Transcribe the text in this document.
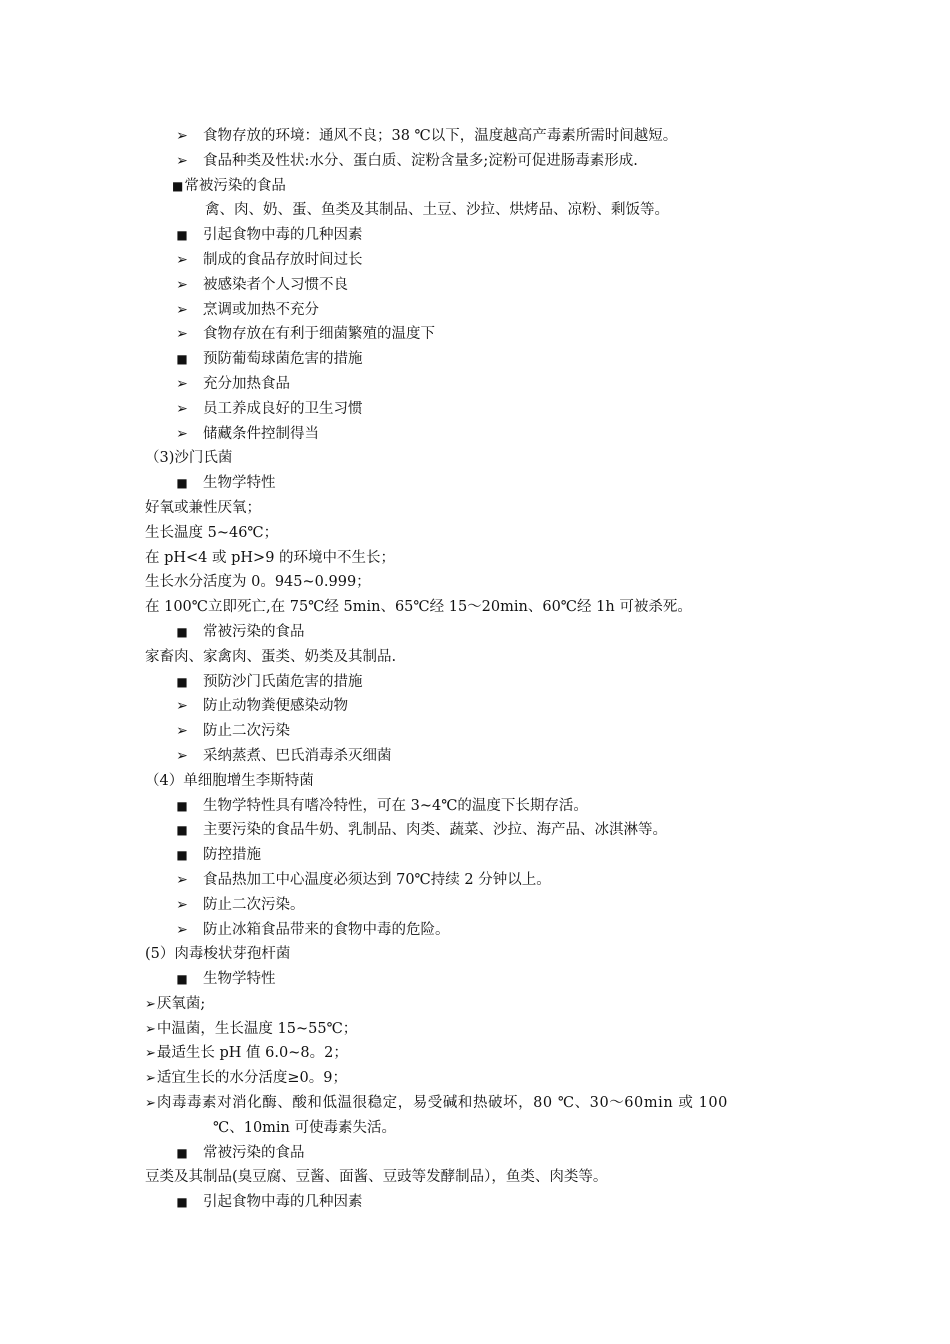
➢ 食物存放的环境：通风不良；38 ℃以下，温度越高产毒素所需时间越短。
➢ 食品种类及性状:水分、蛋白质、淀粉含量多;淀粉可促进肠毒素形成.
■常被污染的食品
禽、肉、奶、蛋、鱼类及其制品、土豆、沙拉、烘烤品、凉粉、剩饭等。
■ 引起食物中毒的几种因素
➢ 制成的食品存放时间过长
➢ 被感染者个人习惯不良
➢ 烹调或加热不充分
➢ 食物存放在有利于细菌繁殖的温度下
■ 预防葡萄球菌危害的措施
➢ 充分加热食品
➢ 员工养成良好的卫生习惯
➢ 储藏条件控制得当
（3)沙门氏菌
■ 生物学特性
好氧或兼性厌氧；
生长温度 5~46℃；
在 pH<4 或 pH>9 的环境中不生长；
生长水分活度为 0。945~0.999；
在 100℃立即死亡,在 75℃经 5min、65℃经 15～20min、60℃经 1h 可被杀死。
■ 常被污染的食品
家畜肉、家禽肉、蛋类、奶类及其制品.
■ 预防沙门氏菌危害的措施
➢ 防止动物粪便感染动物
➢ 防止二次污染
➢ 采纳蒸煮、巴氏消毒杀灭细菌
（4）单细胞增生李斯特菌
■ 生物学特性具有嗜冷特性，可在 3~4℃的温度下长期存活。
■ 主要污染的食品牛奶、乳制品、肉类、蔬菜、沙拉、海产品、冰淇淋等。
■ 防控措施
➢ 食品热加工中心温度必须达到 70℃持续 2 分钟以上。
➢ 防止二次污染。
➢ 防止冰箱食品带来的食物中毒的危险。
(5）肉毒梭状芽孢杆菌
■ 生物学特性
➢厌氧菌;
➢中温菌，生长温度 15~55℃；
➢最适生长 pH 值 6.0~8。2；
➢适宜生长的水分活度≥0。9；
➢肉毒毒素对消化酶、酸和低温很稳定，易受碱和热破坏，80 ℃、30～60min 或 100
℃、10min 可使毒素失活。
■ 常被污染的食品
豆类及其制品(臭豆腐、豆酱、面酱、豆豉等发酵制品），鱼类、肉类等。
■ 引起食物中毒的几种因素
